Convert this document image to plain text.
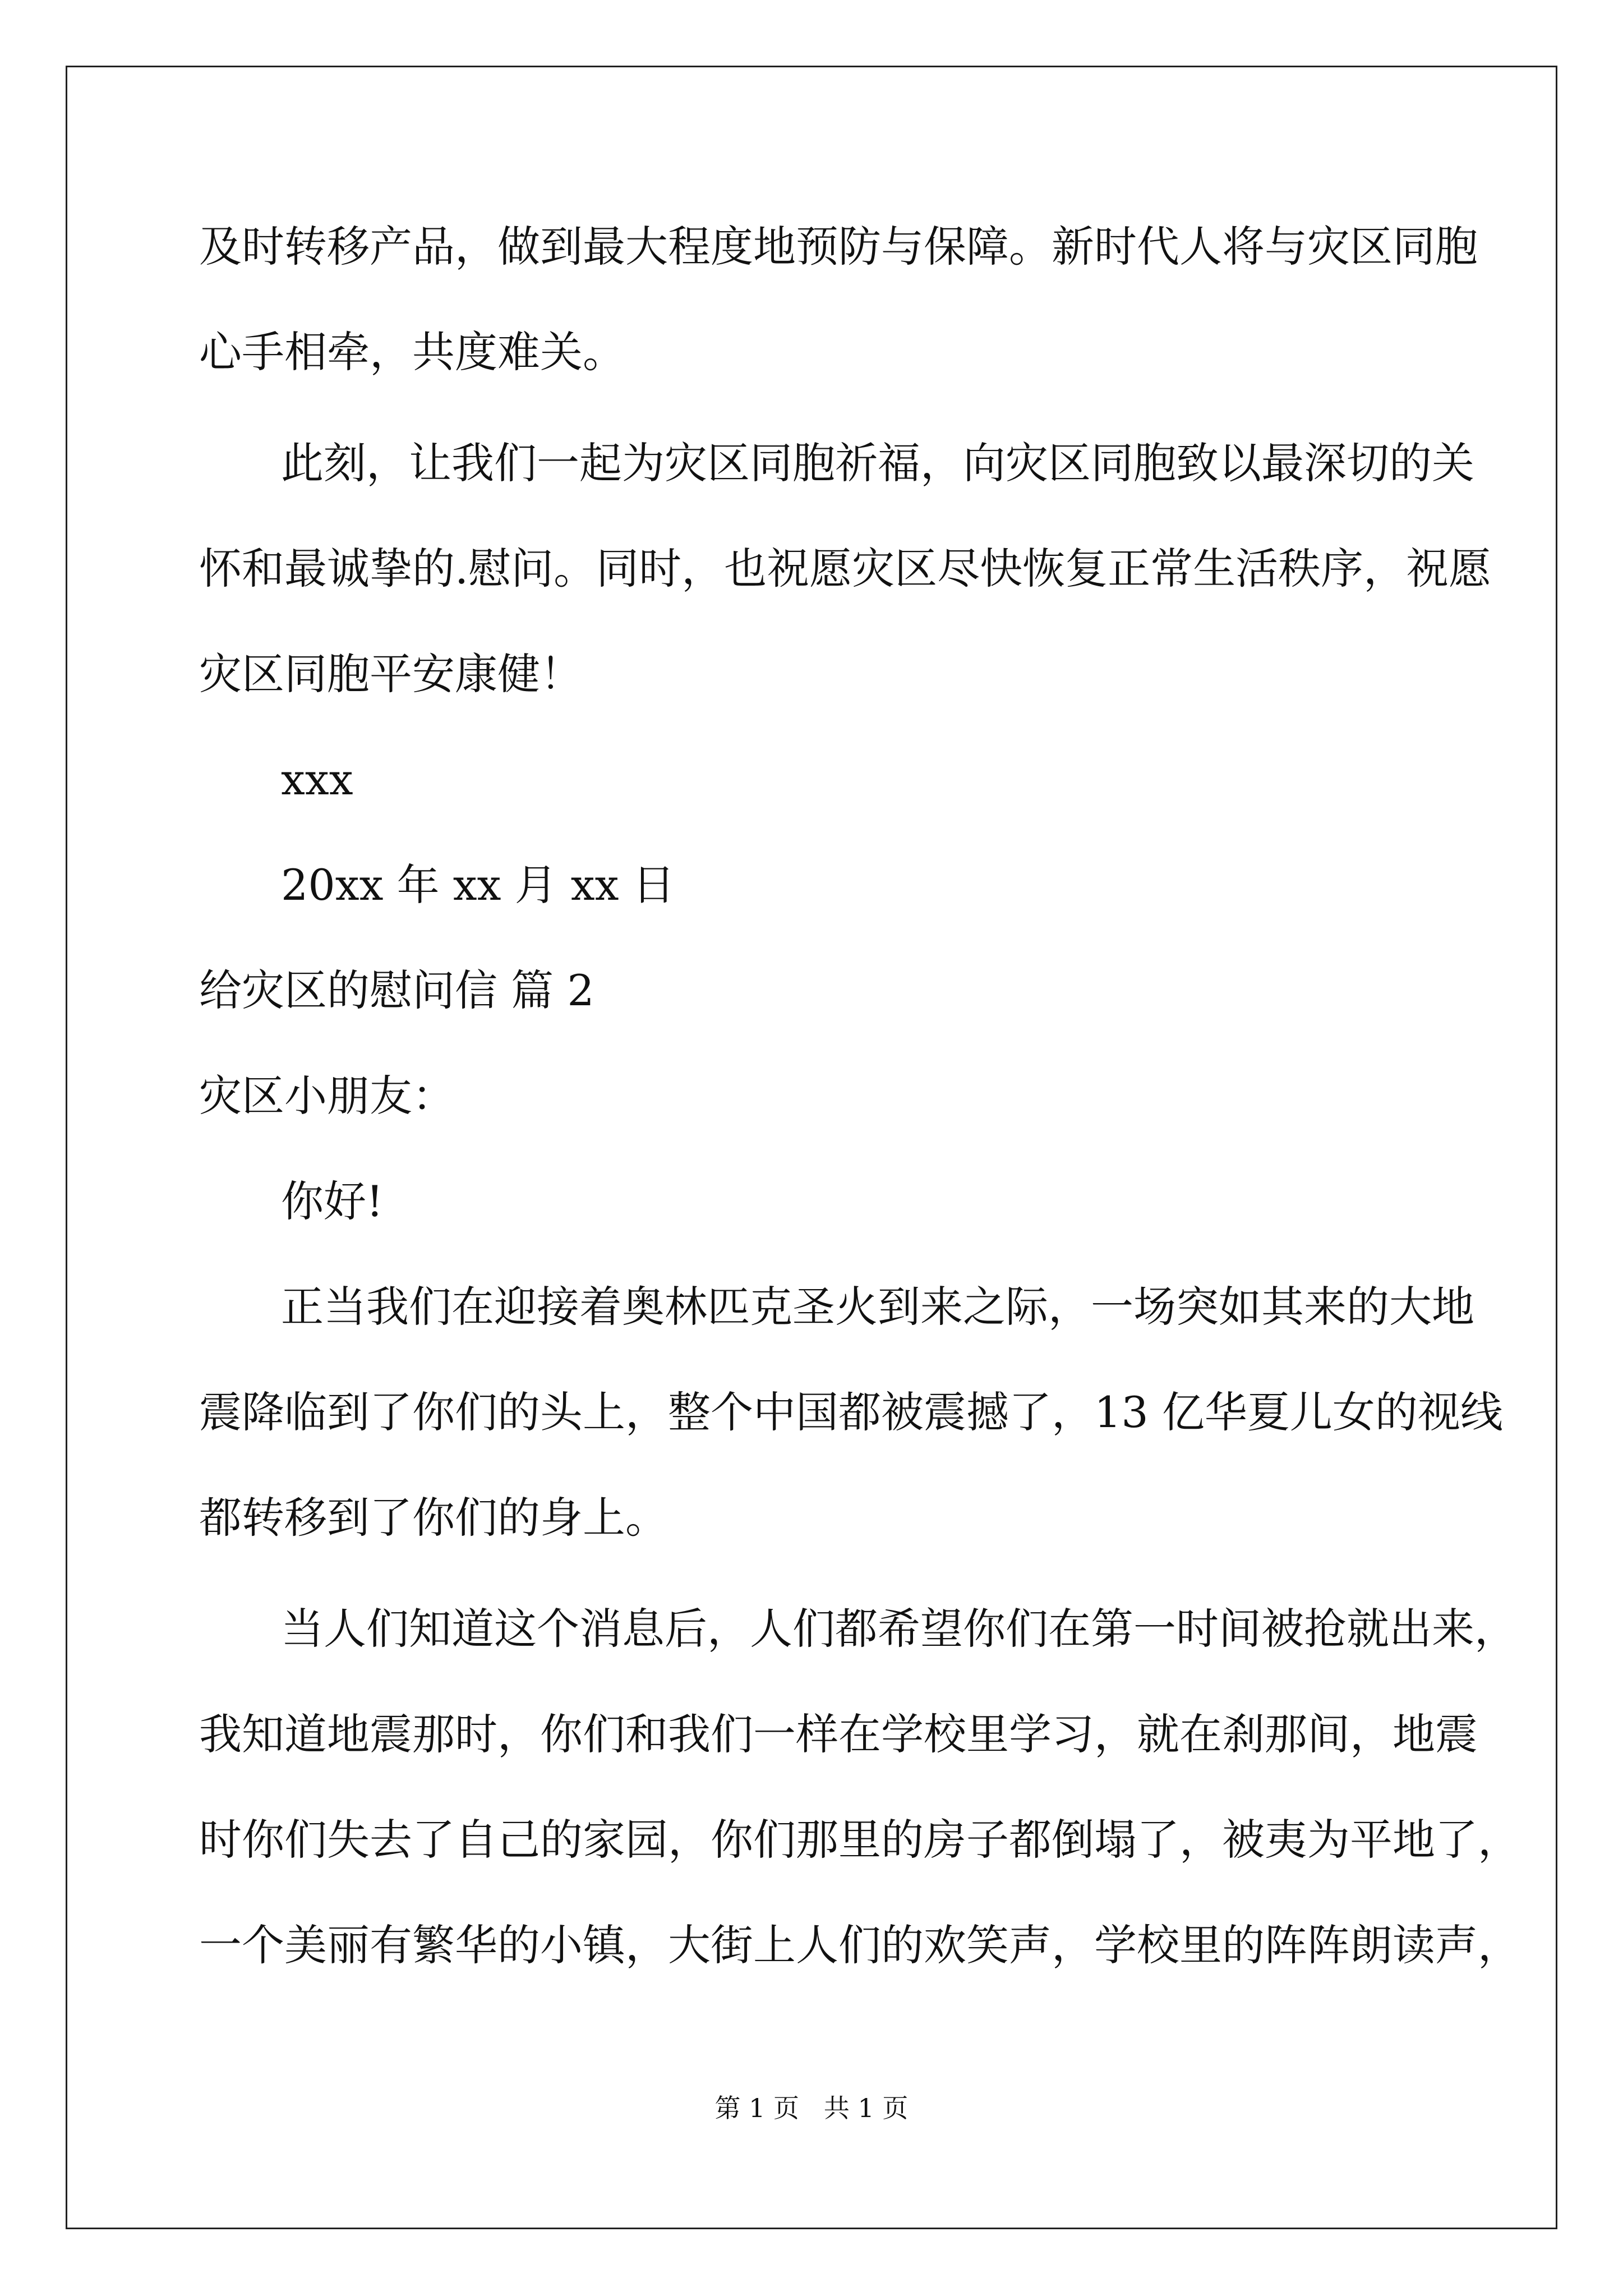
及时转移产品，做到最大程度地预防与保障。新时代人将与灾区同胞
心手相牵，共度难关。
此刻，让我们一起为灾区同胞祈福，向灾区同胞致以最深切的关
怀和最诚挚的.慰问。同时，也祝愿灾区尽快恢复正常生活秩序，祝愿
灾区同胞平安康健！
xxx
20xx 年 xx 月 xx 日
给灾区的慰问信 篇 2
灾区小朋友：
你好!
正当我们在迎接着奥林匹克圣火到来之际，一场突如其来的大地
震降临到了你们的头上，整个中国都被震撼了，13 亿华夏儿女的视线
都转移到了你们的身上。
当人们知道这个消息后，人们都希望你们在第一时间被抢就出来，
我知道地震那时，你们和我们一样在学校里学习，就在刹那间，地震
时你们失去了自己的家园，你们那里的房子都倒塌了，被夷为平地了，
一个美丽有繁华的小镇，大街上人们的欢笑声，学校里的阵阵朗读声，
第 1 页   共 1 页
